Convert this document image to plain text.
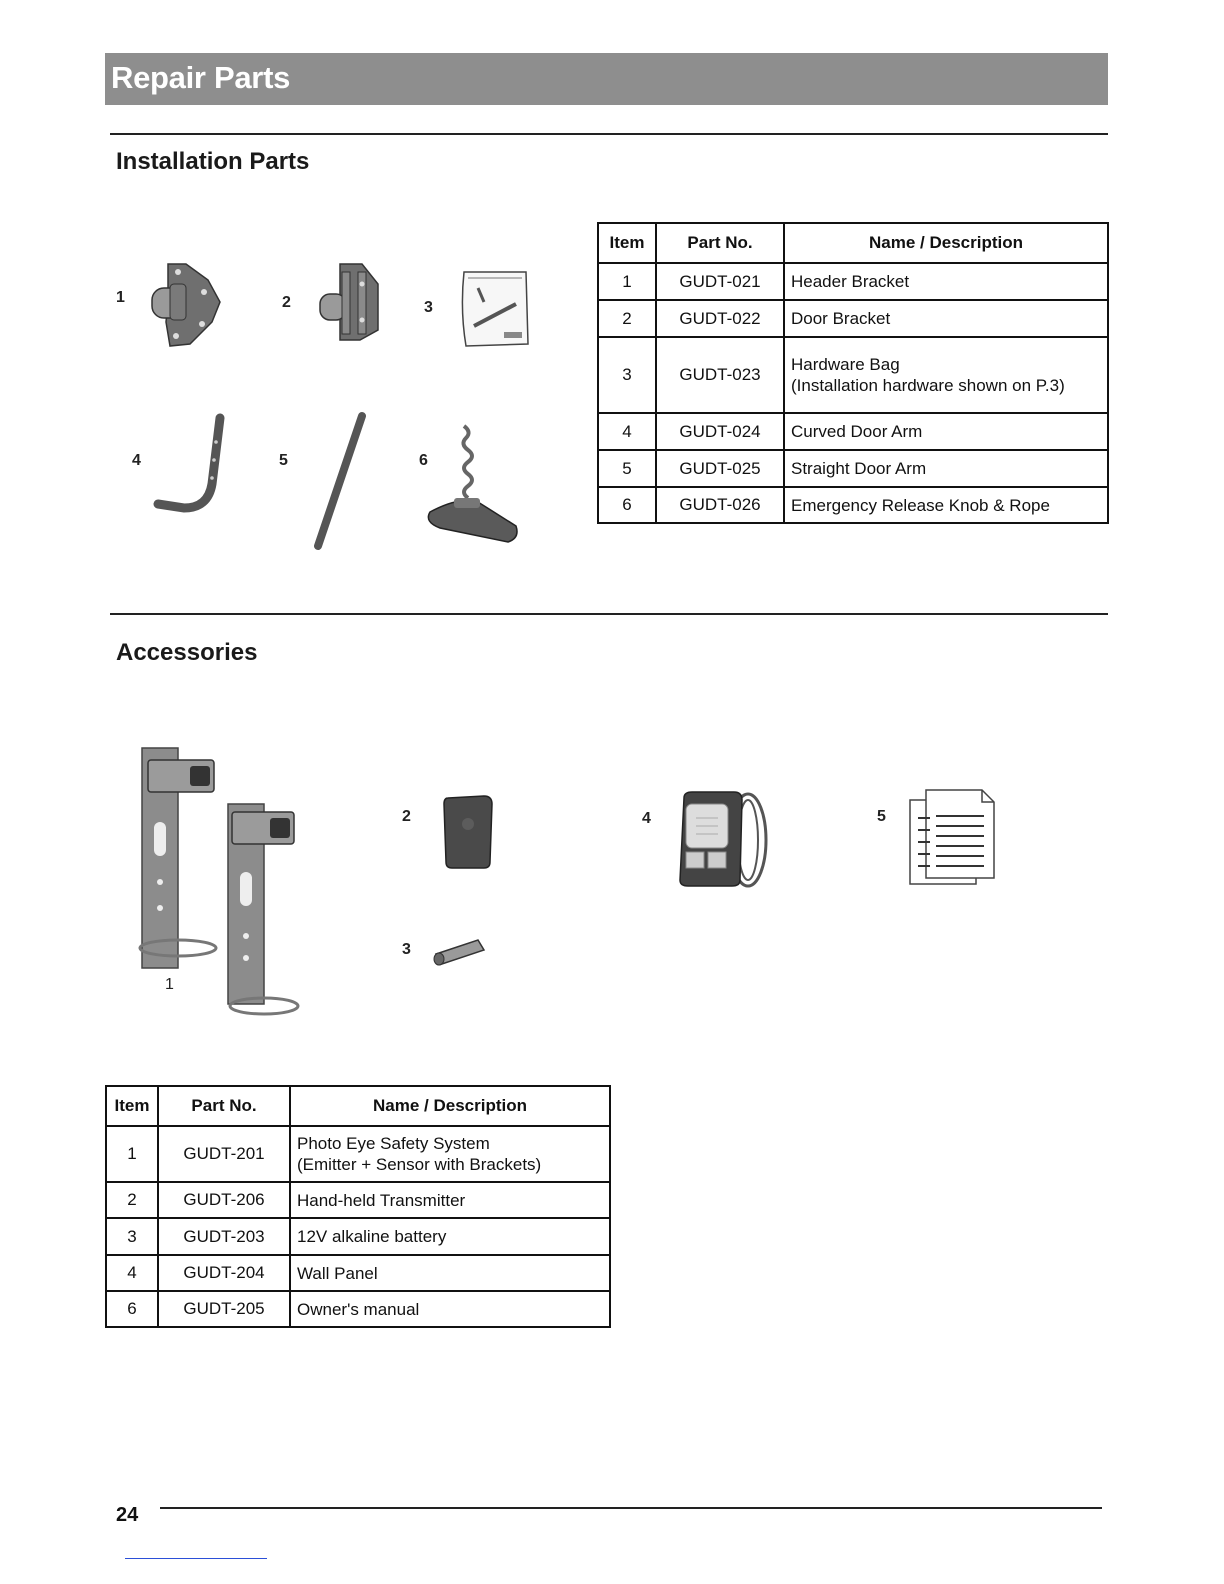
Repair Parts
Installation Parts
1	2	3
4	5	6
Item	Part No.	Name / Description
1	GUDT-021	Header Bracket
2	GUDT-022	Door Bracket
3	GUDT-023	Hardware Bag
(Installation hardware shown on P.3)

4	GUDT-024	Curved Door Arm
5	GUDT-025	Straight Door Arm
6	GUDT-026	Emergency Release Knob & Rope
Accessories
1
2
3
4	5
Item	Part No.	Name / Description
1	GUDT-201	Photo Eye Safety System
(Emitter + Sensor with Brackets)

2	GUDT-206	Hand-held Transmitter
3	GUDT-203	12V alkaline battery
4	GUDT-204	Wall Panel
6	GUDT-205	Owner's manual
24
